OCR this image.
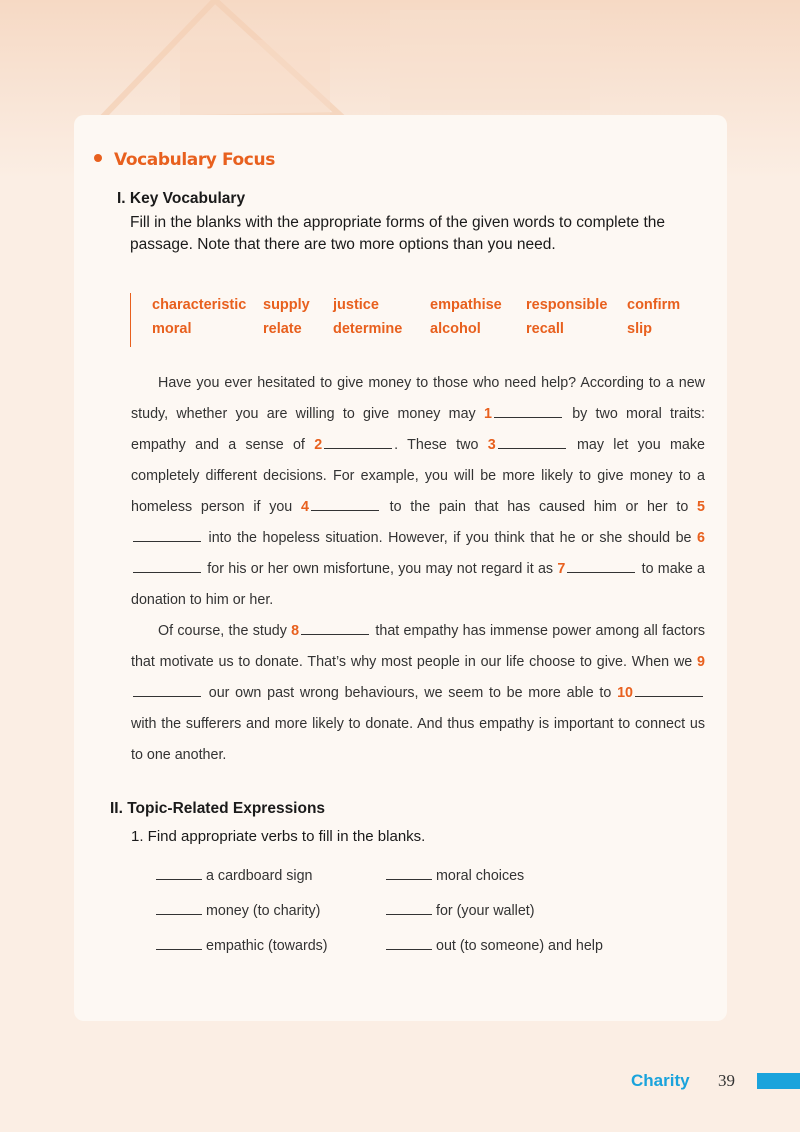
Vocabulary Focus
I. Key Vocabulary
Fill in the blanks with the appropriate forms of the given words to complete the passage. Note that there are two more options than you need.
characteristic supply justice	empathise responsible confirm
moral	relate determine alcohol	recall	slip

Have you ever hesitated to give money to those who need help? According to a new study, whether you are willing to give money may 1	by two moral traits: empathy and a sense of 2	. These two 3	may let you make completely different decisions. For example, you will be more likely to give money to a homeless person if you 4	to the pain that has caused him or her to 5 into the hopeless situation. However, if you think that he or she should be 6 for his or her own misfortune, you may not regard it as 7	to make a donation to him or her.

Of course, the study 8	that empathy has immense power among all factors that motivate us to donate. That’s why most people in our life choose to give. When we 9 our own past wrong behaviours, we seem to be more able to 10 with the sufferers and more likely to donate. And thus empathy is important to connect us to one another.

II. Topic-Related Expressions
1. Find appropriate verbs to fill in the blanks.
a cardboard sign	moral choices
money (to charity)	for (your wallet)
empathic (towards)	out (to someone) and help
Charity 39
